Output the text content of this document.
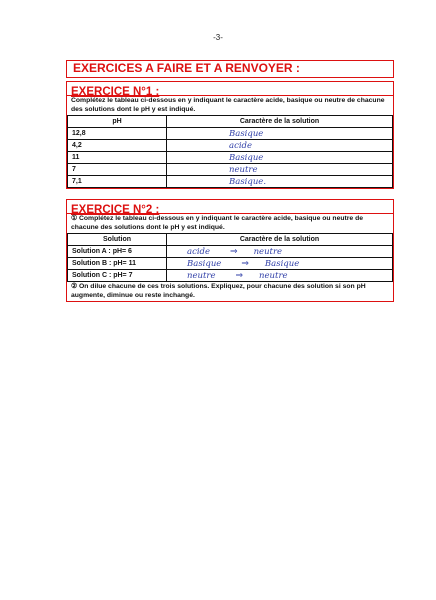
-3-
EXERCICES A FAIRE ET A RENVOYER :
EXERCICE N°1 :
Complétez le tableau ci-dessous en y indiquant le caractère acide, basique ou neutre de chacune des solutions dont le pH y est indiqué.
pH	Caractère de la solution
12,8	Basique
4,2	acide
11	Basique
7	neutre
7,1	Basique.
EXERCICE N°2 :
① Complétez le tableau ci-dessous en y indiquant le caractère acide, basique ou neutre de chacune des solutions dont le pH y est indiqué.
Solution	Caractère de la solution
Solution A : pH= 6	acide ⇒ neutre
Solution B : pH= 11	Basique ⇒ Basique
Solution C : pH= 7	neutre ⇒ neutre
② On dilue chacune de ces trois solutions. Expliquez, pour chacune des solution si son pH augmente, diminue ou reste inchangé.
